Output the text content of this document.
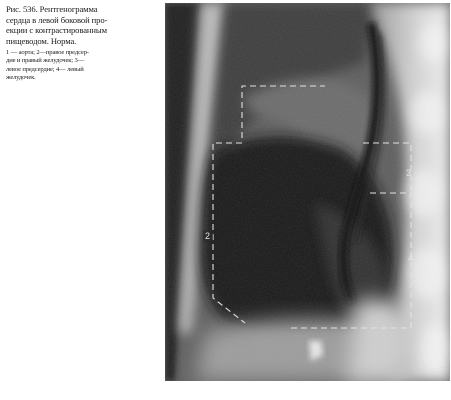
Рис. 536. Рентгенограмма
сердца в левой боковой про-
екции с контрастированным
пищеводом. Норма.

1 — аорта; 2—правое предсер-
дие и правый желудочек; 3—
левое предсердие; 4— левый
желудочек.

2
3
4
